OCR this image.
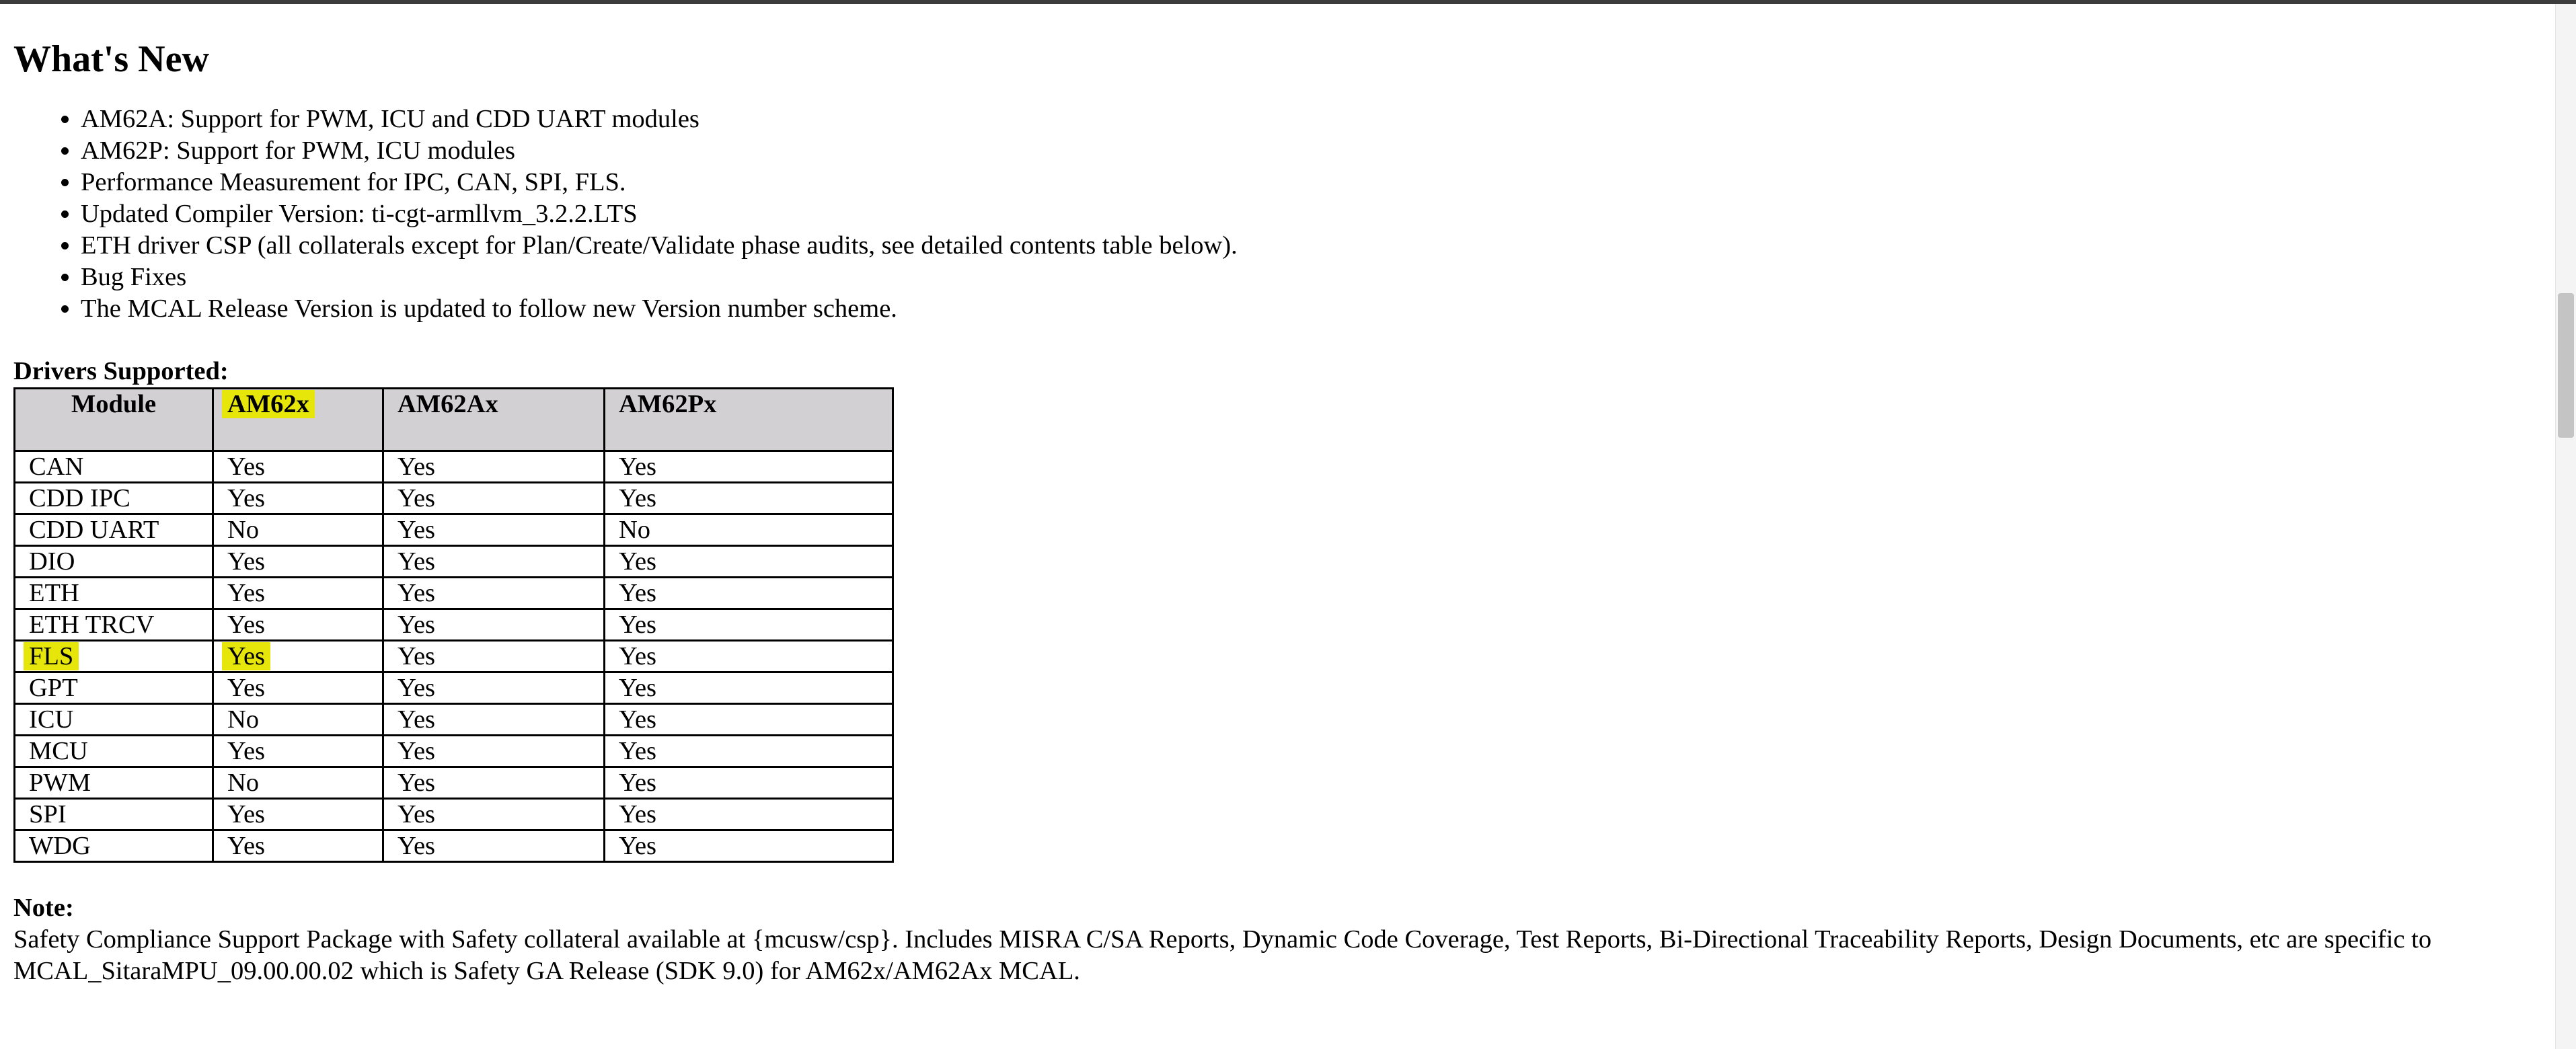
What's New
• AM62A: Support for PWM, ICU and CDD UART modules
• AM62P: Support for PWM, ICU modules
• Performance Measurement for IPC, CAN, SPI, FLS.
• Updated Compiler Version: ti-cgt-armllvm_3.2.2.LTS
• ETH driver CSP (all collaterals except for Plan/Create/Validate phase audits, see detailed contents table below).
• Bug Fixes
• The MCAL Release Version is updated to follow new Version number scheme.
Drivers Supported:
Module	AM62x	AM62Ax	AM62Px
CAN	Yes	Yes	Yes
CDD IPC	Yes	Yes	Yes
CDD UART	No	Yes	No
DIO	Yes	Yes	Yes
ETH	Yes	Yes	Yes
ETH TRCV	Yes	Yes	Yes
FLS	Yes	Yes	Yes
GPT	Yes	Yes	Yes
ICU	No	Yes	Yes
MCU	Yes	Yes	Yes
PWM	No	Yes	Yes
SPI	Yes	Yes	Yes
WDG	Yes	Yes	Yes
Note:
Safety Compliance Support Package with Safety collateral available at {mcusw/csp}. Includes MISRA C/SA Reports, Dynamic Code Coverage, Test Reports, Bi-Directional Traceability Reports, Design Documents, etc are specific to MCAL_SitaraMPU_09.00.00.02 which is Safety GA Release (SDK 9.0) for AM62x/AM62Ax MCAL.
